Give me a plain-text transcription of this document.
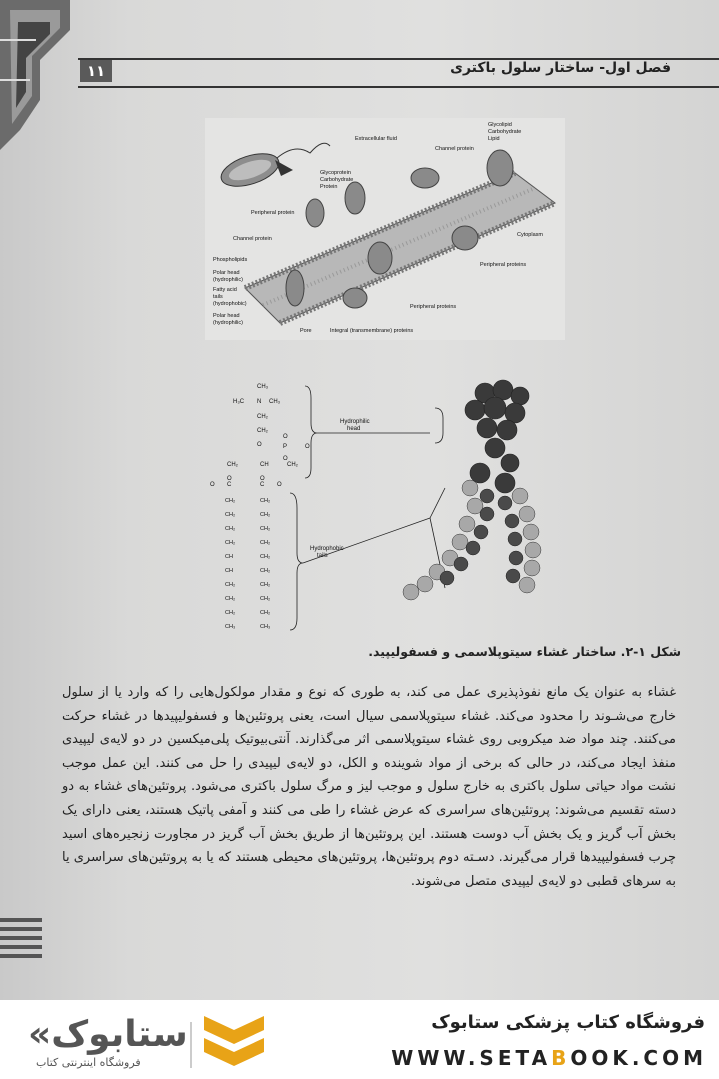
۱۱	فصل اول- ساختار سلول باکتری
Glycolipid
Carbohydrate
Lipid
Extracellular fluid
Channel protein
Glycoprotein
Carbohydrate
Protein
Peripheral protein
Channel protein
Cytoplasm
Phospholipids
Polar head
(hydrophilic)
Fatty acid
tails
(hydrophobic)
Polar head
(hydrophilic)
Peripheral proteins
Peripheral proteins
Pore	Integral (transmembrane) proteins
CH₃
H₃C N CH₃
CH₂
CH₂
O
O
P	O
O
CH₂	CH	CH₂
O	O
O C	C O
CH₂	CH₂
CH₂	CH₂
CH₂	CH₂
CH₂	CH₂
CH	CH₂
CH	CH₂
CH₂	CH₂
CH₂	CH₂
CH₂	CH₂
CH₃	CH₃
Hydrophilic
head
Hydrophobic
tails
شکل ۱-۲. ساختار غشاء سیتوپلاسمی و فسفولیپید.
غشاء به عنوان یک مانع نفوذپذیری عمل می کند، به طوری که نوع و مقدار مولکول‌هایی را که وارد یا از سلول خارج می‌شـوند را محدود می‌کند. غشاء سیتوپلاسمی سیال است، یعنی پروتئین‌ها و فسفولیپیدها در غشاء حرکت می‌کنند. چند مواد ضد میکروبی روی غشاء سیتوپلاسمی اثر می‌گذارند. آنتی‌بیوتیک پلی‌میکسین در دو لایه‌ی لیپیدی منفذ ایجاد می‌کند، در حالی که برخی از مواد شوینده و الکل، دو لایه‌ی لیپیدی را حل می کنند. این عمل موجب نشت مواد حیاتی سلول باکتری به خارج سلول و موجب لیز و مرگ سلول باکتری می‌شود. پروتئین‌های غشاء به دو دسته تقسیم می‌شوند: پروتئین‌های سراسری که عرض غشاء را طی می کنند و آمفی پاتیک هستند، یعنی دارای یک بخش آب گریز و یک بخش آب دوست هستند. این پروتئین‌ها از طریق بخش آب گریز در مجاورت زنجیره‌های اسید چرب فسفولیپیدها قرار می‌گیرند. دسـته دوم پروتئین‌ها، پروتئین‌های محیطی هستند که یا به پروتئین‌های سراسری یا به سرهای قطبی دو لایه‌ی لیپیدی متصل می‌شوند.
فروشگاه کتاب پزشکی ستابوک
WWW.SETABOOK.COM
«ستابوک
فروشگاه اینترنتی کتاب
